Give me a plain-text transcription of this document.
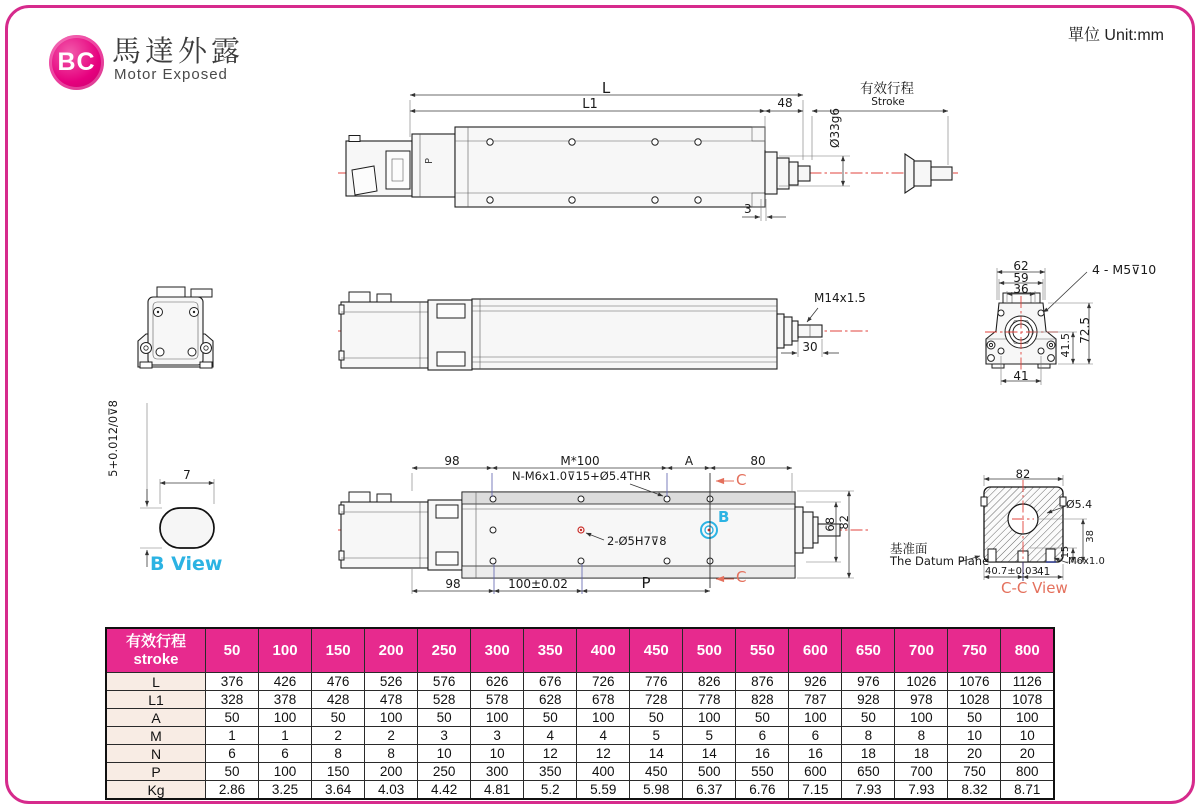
BC 馬達外露
Motor Exposed
單位 Unit:mm
L
L1	48
有效行程
Stroke
Ø33g6
3
P
M14x1.5
30
62
59
36
4 - M5⊽10
72.5
41.5
41
5+0.012/0⊽8
7
B View
98	M*100	A	80
N-M6x1.0⊽15+Ø5.4THR	C
B
2-Ø5H7⊽8
98	100±0.02	P	C
68 82
82
Ø5.4
38
15
M6x1.0
40.7±0.03 41
基准面
The Datum Plane
C-C View
有效行程
stroke	50	100	150	200	250	300	350	400	450	500	550	600	650	700	750	800
L	376	426	476	526	576	626	676	726	776	826	876	926	976	1026	1076	1126
L1	328	378	428	478	528	578	628	678	728	778	828	787	928	978	1028	1078
A	50	100	50	100	50	100	50	100	50	100	50	100	50	100	50	100
M	1	1	2	2	3	3	4	4	5	5	6	6	8	8	10	10
N	6	6	8	8	10	10	12	12	14	14	16	16	18	18	20	20
P	50	100	150	200	250	300	350	400	450	500	550	600	650	700	750	800
Kg	2.86	3.25	3.64	4.03	4.42	4.81	5.2	5.59	5.98	6.37	6.76	7.15	7.93	7.93	8.32	8.71
